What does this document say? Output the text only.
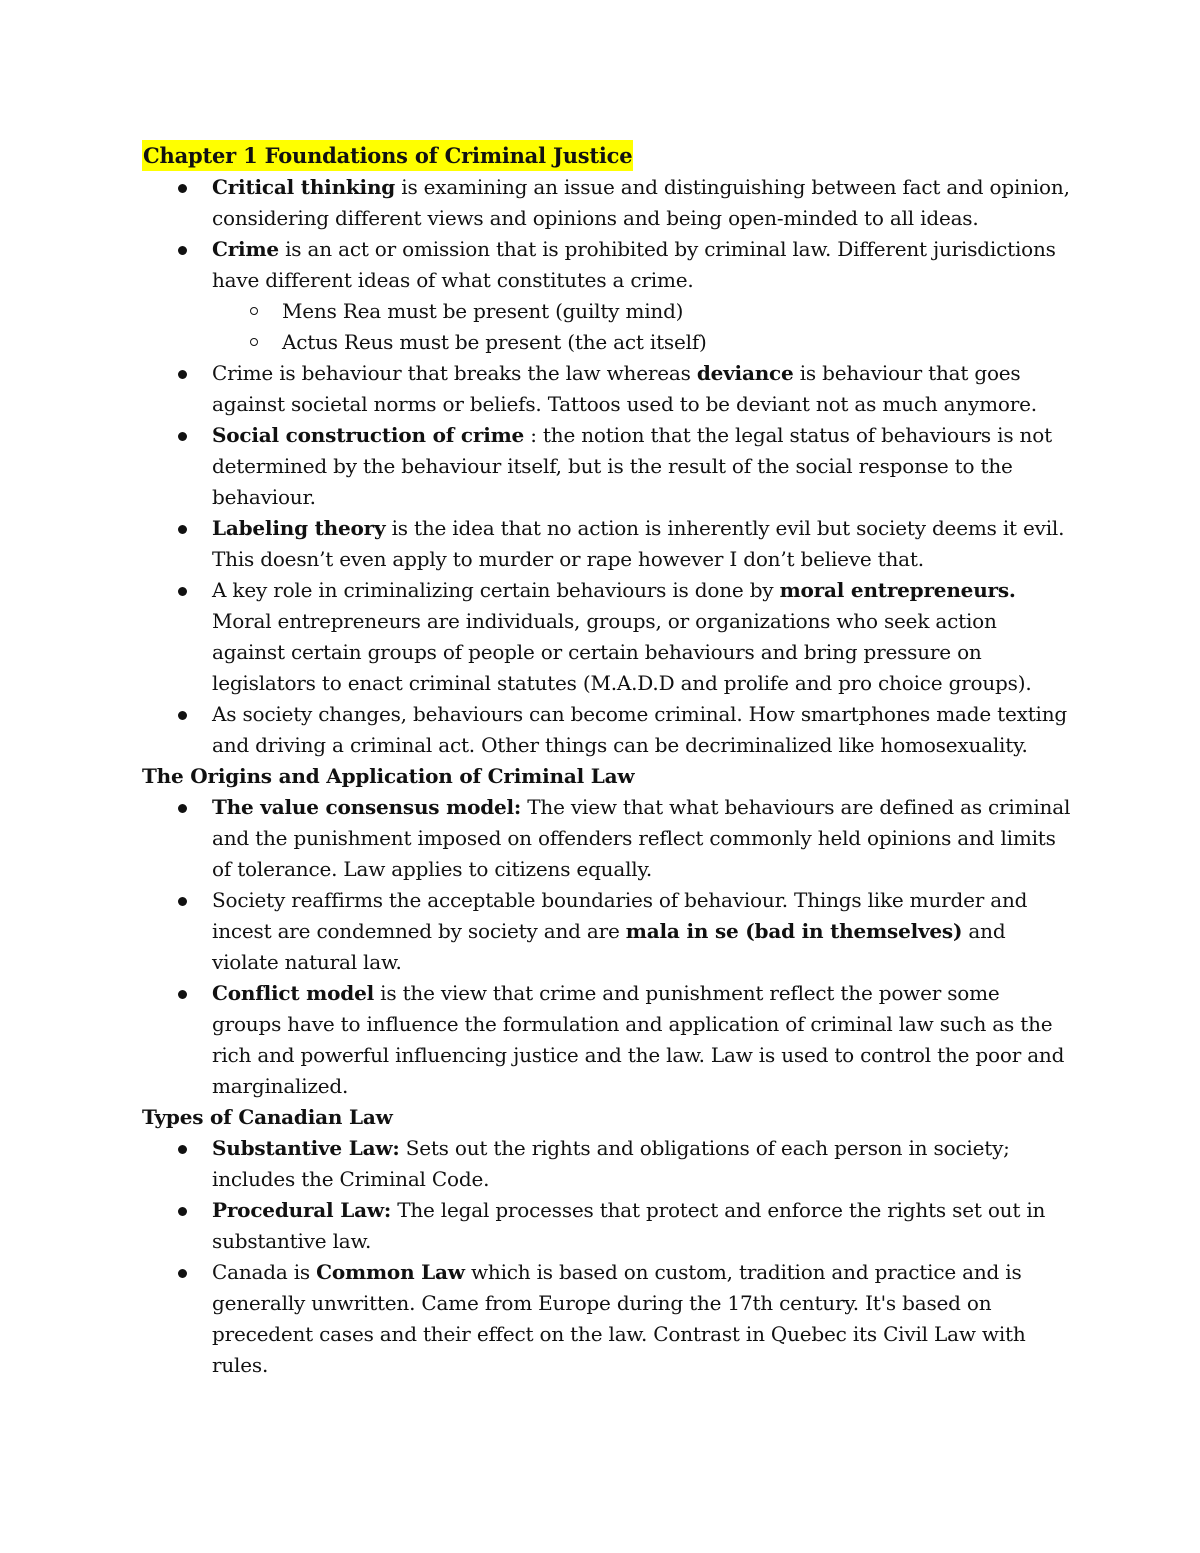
Chapter 1 Foundations of Criminal Justice
Critical thinking is examining an issue and distinguishing between fact and opinion, considering different views and opinions and being open-minded to all ideas.
Crime is an act or omission that is prohibited by criminal law. Different jurisdictions have different ideas of what constitutes a crime.
Mens Rea must be present (guilty mind)
Actus Reus must be present (the act itself)
Crime is behaviour that breaks the law whereas deviance is behaviour that goes against societal norms or beliefs. Tattoos used to be deviant not as much anymore.
Social construction of crime : the notion that the legal status of behaviours is not determined by the behaviour itself, but is the result of the social response to the behaviour.
Labeling theory is the idea that no action is inherently evil but society deems it evil. This doesn’t even apply to murder or rape however I don’t believe that.
A key role in criminalizing certain behaviours is done by moral entrepreneurs. Moral entrepreneurs are individuals, groups, or organizations who seek action against certain groups of people or certain behaviours and bring pressure on legislators to enact criminal statutes (M.A.D.D and prolife and pro choice groups).
As society changes, behaviours can become criminal. How smartphones made texting and driving a criminal act. Other things can be decriminalized like homosexuality.
The Origins and Application of Criminal Law
The value consensus model: The view that what behaviours are defined as criminal and the punishment imposed on offenders reflect commonly held opinions and limits of tolerance. Law applies to citizens equally.
Society reaffirms the acceptable boundaries of behaviour. Things like murder and incest are condemned by society and are mala in se (bad in themselves) and violate natural law.
Conflict model is the view that crime and punishment reflect the power some groups have to influence the formulation and application of criminal law such as the rich and powerful influencing justice and the law. Law is used to control the poor and marginalized.
Types of Canadian Law
Substantive Law: Sets out the rights and obligations of each person in society; includes the Criminal Code.
Procedural Law: The legal processes that protect and enforce the rights set out in substantive law.
Canada is Common Law which is based on custom, tradition and practice and is generally unwritten. Came from Europe during the 17th century. It's based on precedent cases and their effect on the law. Contrast in Quebec its Civil Law with rules.
